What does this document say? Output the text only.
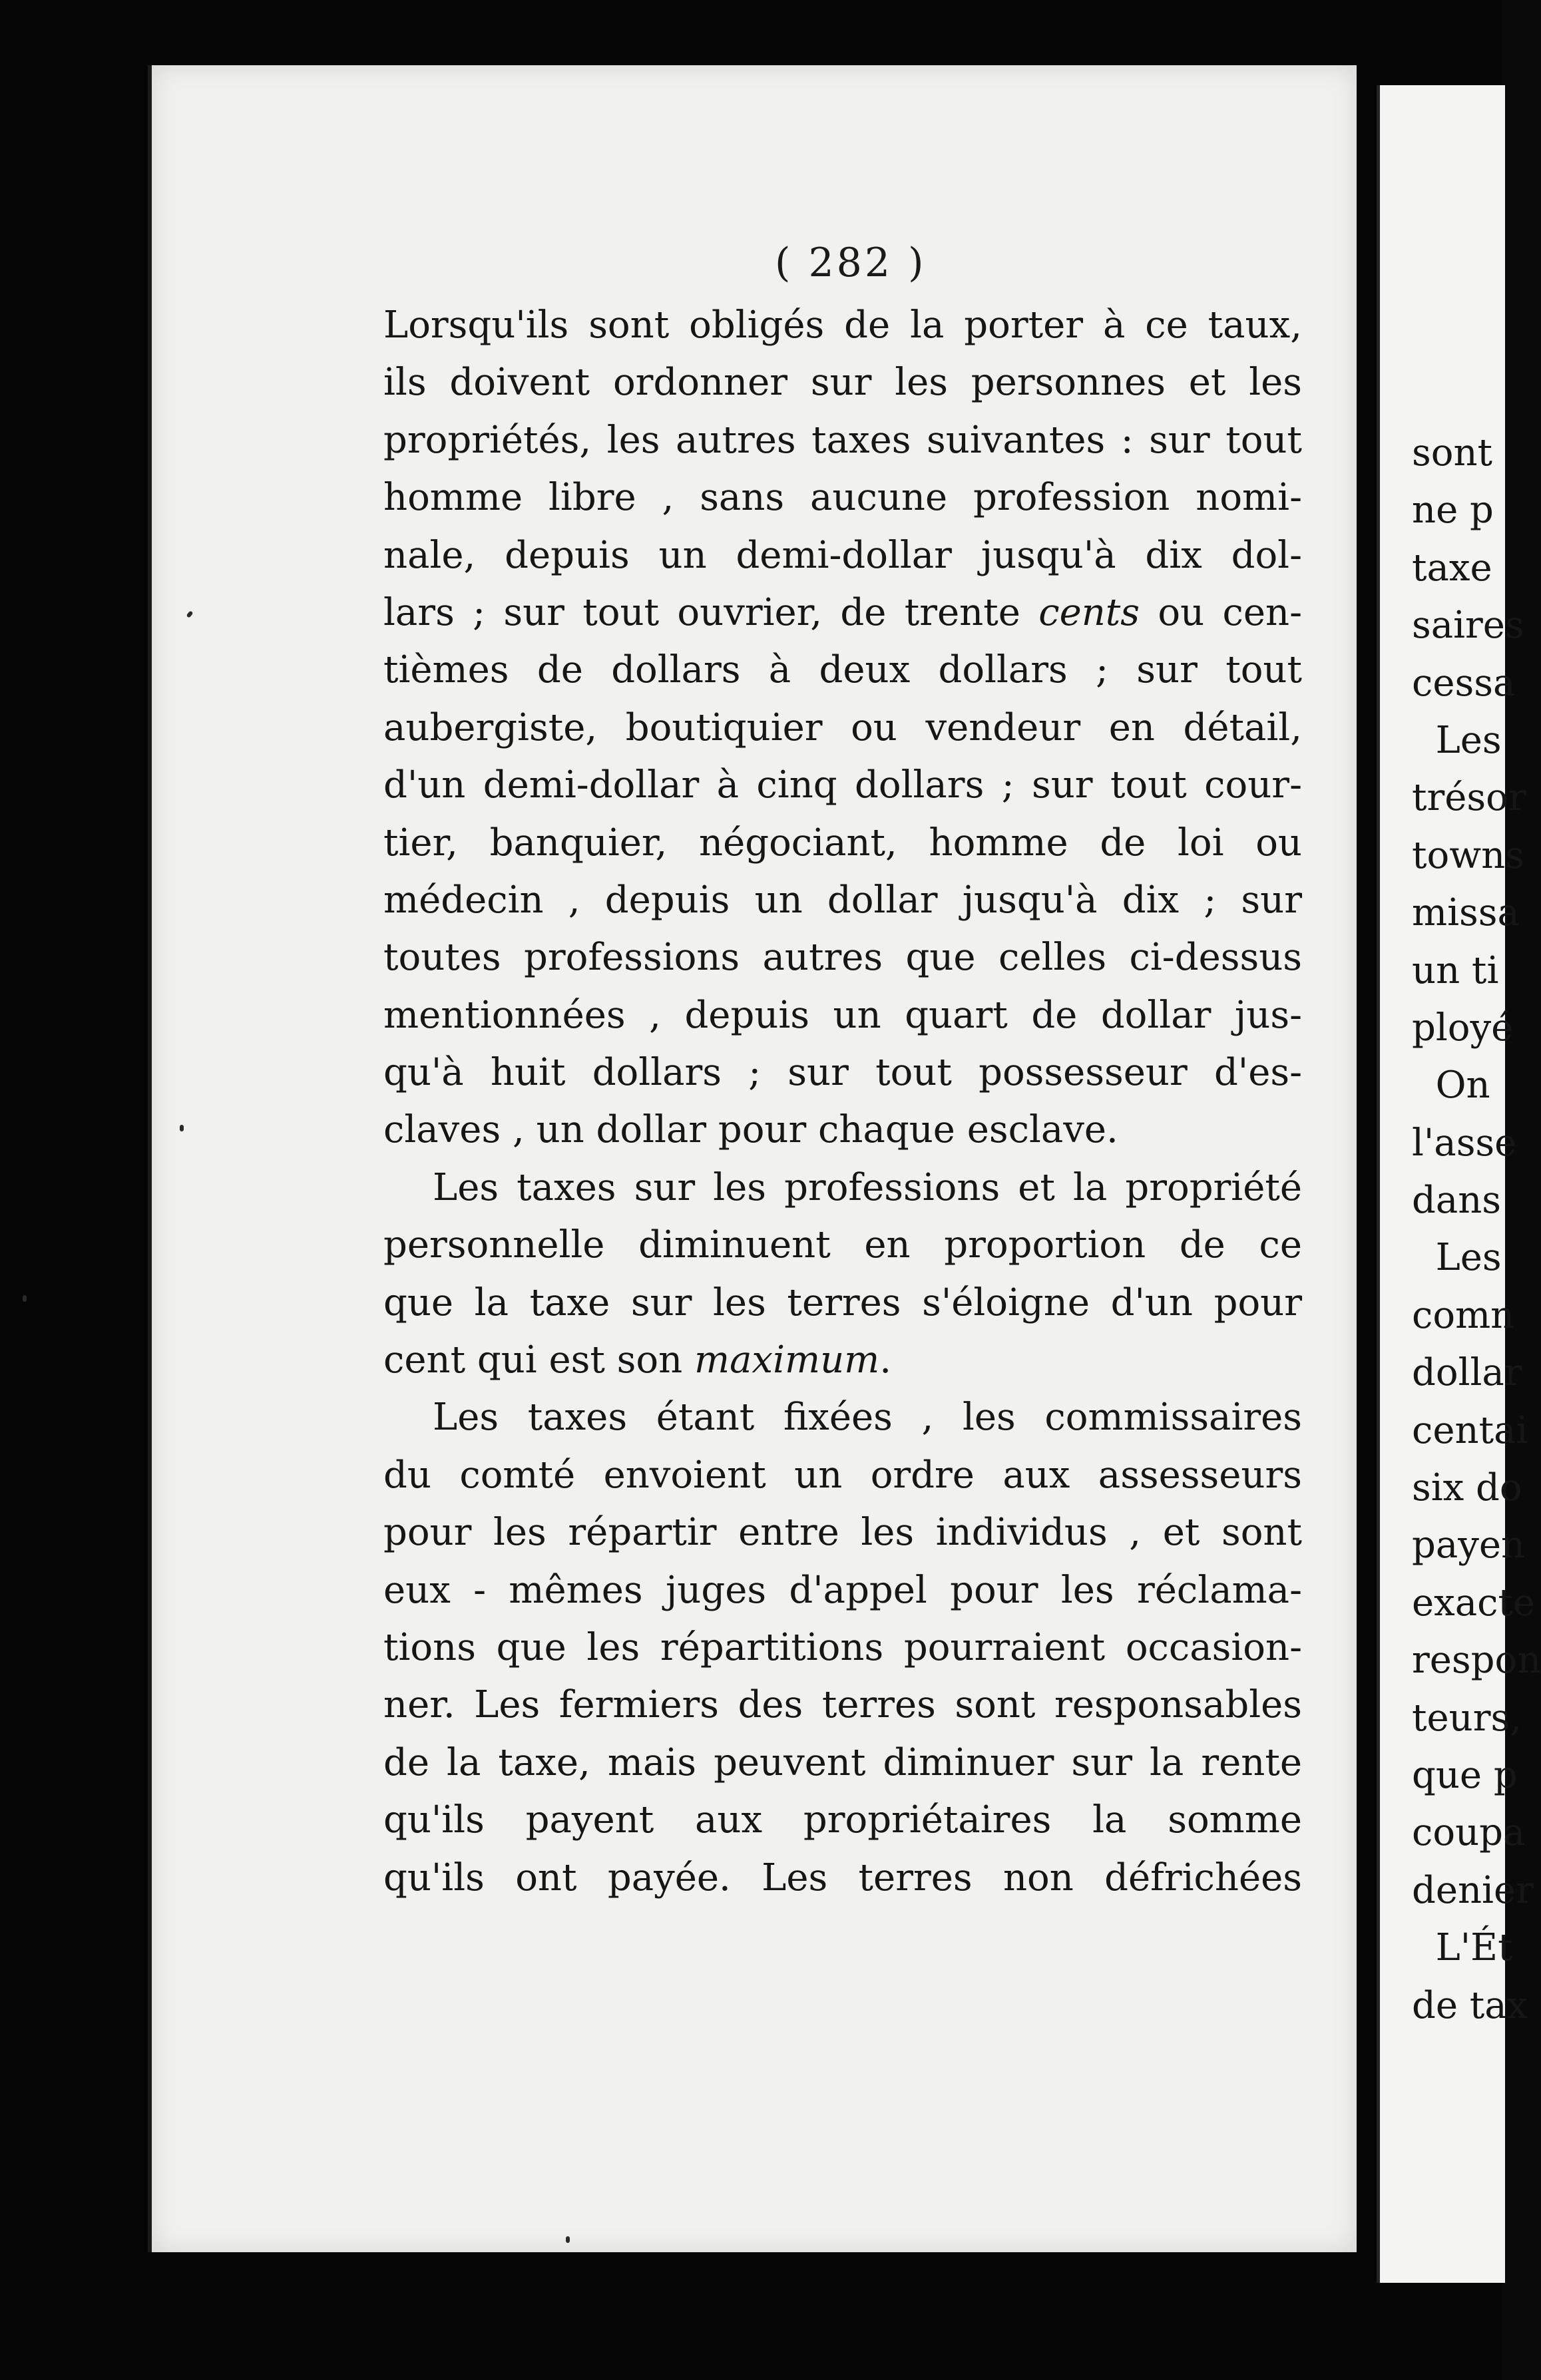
sont
ne p
taxe
saires
cessa
Les
trésor
towns
missa
un ti
ployé
On
l'asse
dans
Les
comn
dollar
centai
six do
payen
exacte
respon
teurs,
que p
coupa
denier
L'Ét
de tax
( 282 )
Lorsqu'ils sont obligés de la porter à ce taux,
ils doivent ordonner sur les personnes et les
propriétés, les autres taxes suivantes : sur tout
homme libre , sans aucune profession nomi-
nale, depuis un demi-dollar jusqu'à dix dol-
lars ; sur tout ouvrier, de trente cents ou cen-
tièmes de dollars à deux dollars ; sur tout
aubergiste, boutiquier ou vendeur en détail,
d'un demi-dollar à cinq dollars ; sur tout cour-
tier, banquier, négociant, homme de loi ou
médecin , depuis un dollar jusqu'à dix ; sur
toutes professions autres que celles ci-dessus
mentionnées , depuis un quart de dollar jus-
qu'à huit dollars ; sur tout possesseur d'es-
claves , un dollar pour chaque esclave.
Les taxes sur les professions et la propriété
personnelle diminuent en proportion de ce
que la taxe sur les terres s'éloigne d'un pour
cent qui est son maximum.
Les taxes étant fixées , les commissaires
du comté envoient un ordre aux assesseurs
pour les répartir entre les individus , et sont
eux - mêmes juges d'appel pour les réclama-
tions que les répartitions pourraient occasion-
ner. Les fermiers des terres sont responsables
de la taxe, mais peuvent diminuer sur la rente
qu'ils payent aux propriétaires la somme
qu'ils ont payée. Les terres non défrichées
